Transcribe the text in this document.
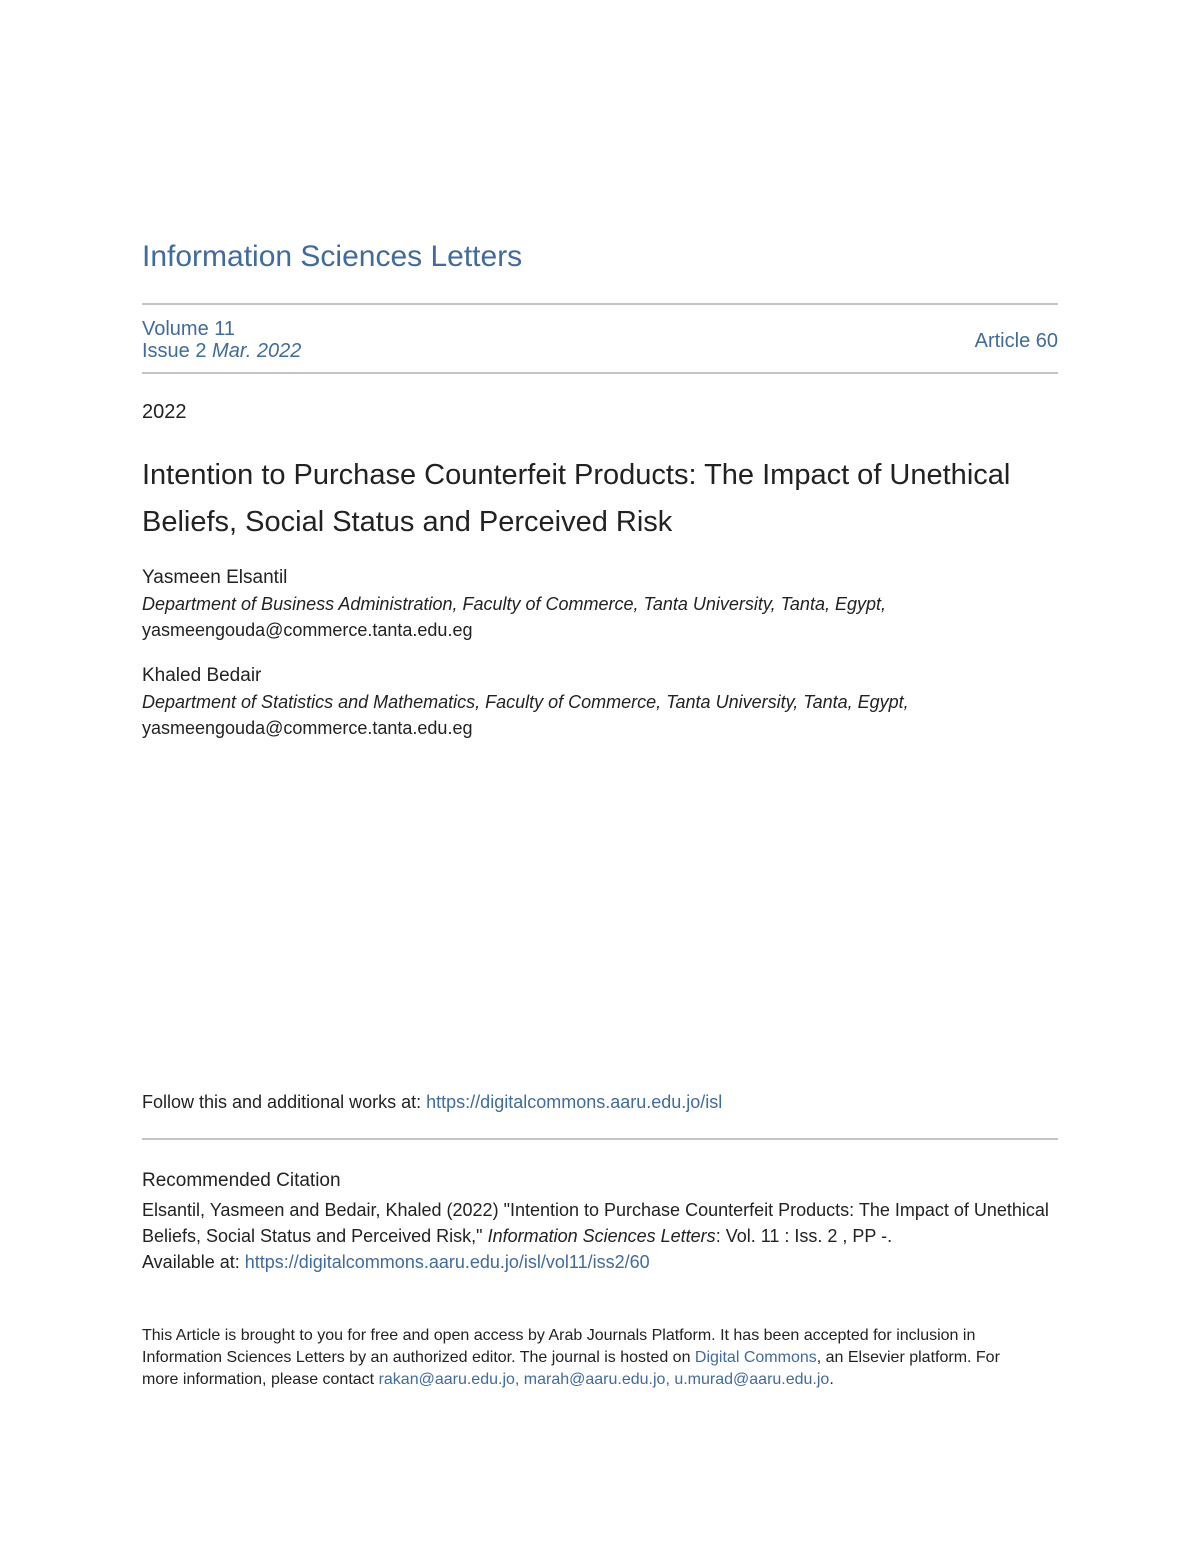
Information Sciences Letters
Volume 11
Issue 2 Mar. 2022	Article 60
2022
Intention to Purchase Counterfeit Products: The Impact of Unethical Beliefs, Social Status and Perceived Risk
Yasmeen Elsantil
Department of Business Administration, Faculty of Commerce, Tanta University, Tanta, Egypt,
yasmeengouda@commerce.tanta.edu.eg
Khaled Bedair
Department of Statistics and Mathematics, Faculty of Commerce, Tanta University, Tanta, Egypt,
yasmeengouda@commerce.tanta.edu.eg
Follow this and additional works at: https://digitalcommons.aaru.edu.jo/isl
Recommended Citation
Elsantil, Yasmeen and Bedair, Khaled (2022) "Intention to Purchase Counterfeit Products: The Impact of Unethical Beliefs, Social Status and Perceived Risk," Information Sciences Letters: Vol. 11 : Iss. 2 , PP -.
Available at: https://digitalcommons.aaru.edu.jo/isl/vol11/iss2/60
This Article is brought to you for free and open access by Arab Journals Platform. It has been accepted for inclusion in Information Sciences Letters by an authorized editor. The journal is hosted on Digital Commons, an Elsevier platform. For more information, please contact rakan@aaru.edu.jo, marah@aaru.edu.jo, u.murad@aaru.edu.jo.
